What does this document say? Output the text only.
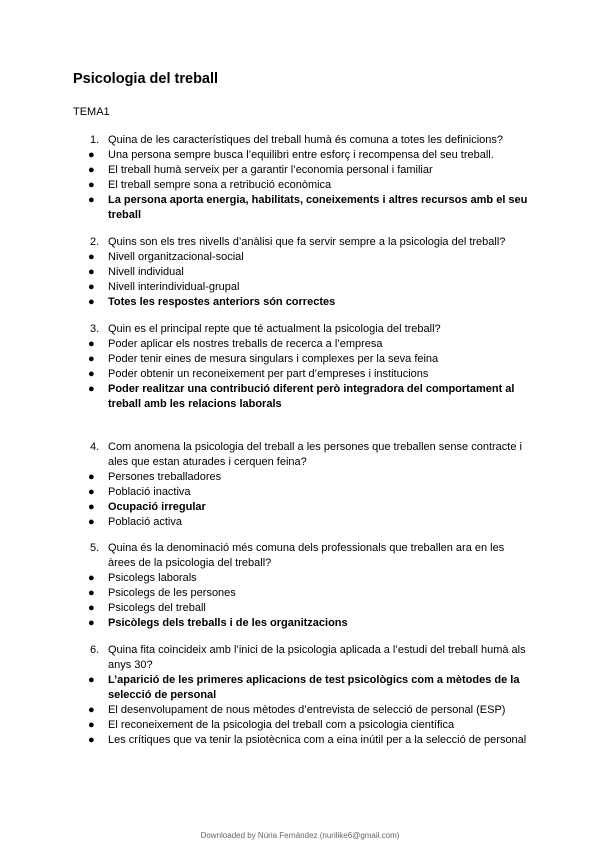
Psicologia del treball
TEMA1
1. Quina de les característiques del treball humà és comuna a totes les definicions?
● Una persona sempre busca l’equilibri entre esforç i recompensa del seu treball.
● El treball humà serveix per a garantir l’economia personal i familiar
● El treball sempre sona a retribució econòmica
● La persona aporta energia, habilitats, coneixements i altres recursos amb el seu treball
2. Quins son els tres nivells d’anàlisi que fa servir sempre a la psicologia del treball?
● Nivell organitzacional-social
● Nivell individual
● Nivell interindividual-grupal
● Totes les respostes anteriors són correctes
3. Quin es el principal repte que té actualment la psicologia del treball?
● Poder aplicar els nostres treballs de recerca a l’empresa
● Poder tenir eines de mesura singulars i complexes per la seva feina
● Poder obtenir un reconeixement per part d’empreses i institucions
● Poder realitzar una contribució diferent però integradora del comportament al treball amb les relacions laborals
4. Com anomena la psicologia del treball a les persones que treballen sense contracte i ales que estan aturades i cerquen feina?
● Persones treballadores
● Població inactiva
● Ocupació irregular
● Població activa
5. Quina és la denominació més comuna dels professionals que treballen ara en les àrees de la psicologia del treball?
● Psicolegs laborals
● Psicolegs de les persones
● Psicolegs del treball
● Psicòlegs dels treballs i de les organitzacions
6. Quina fita coincideix amb l’inici de la psicologia aplicada a l’estudi del treball humà als anys 30?
● L’aparició de les primeres aplicacions de test psicològics com a mètodes de la selecció de personal
● El desenvolupament de nous mètodes d’entrevista de selecció de personal (ESP)
● El reconeixement de la psicologia del treball com a psicologia científica
● Les crítiques que va tenir la psiotècnica com a eina inútil per a la selecció de personal
Downloaded by Núria Fernández (nurilike6@gmail.com)
